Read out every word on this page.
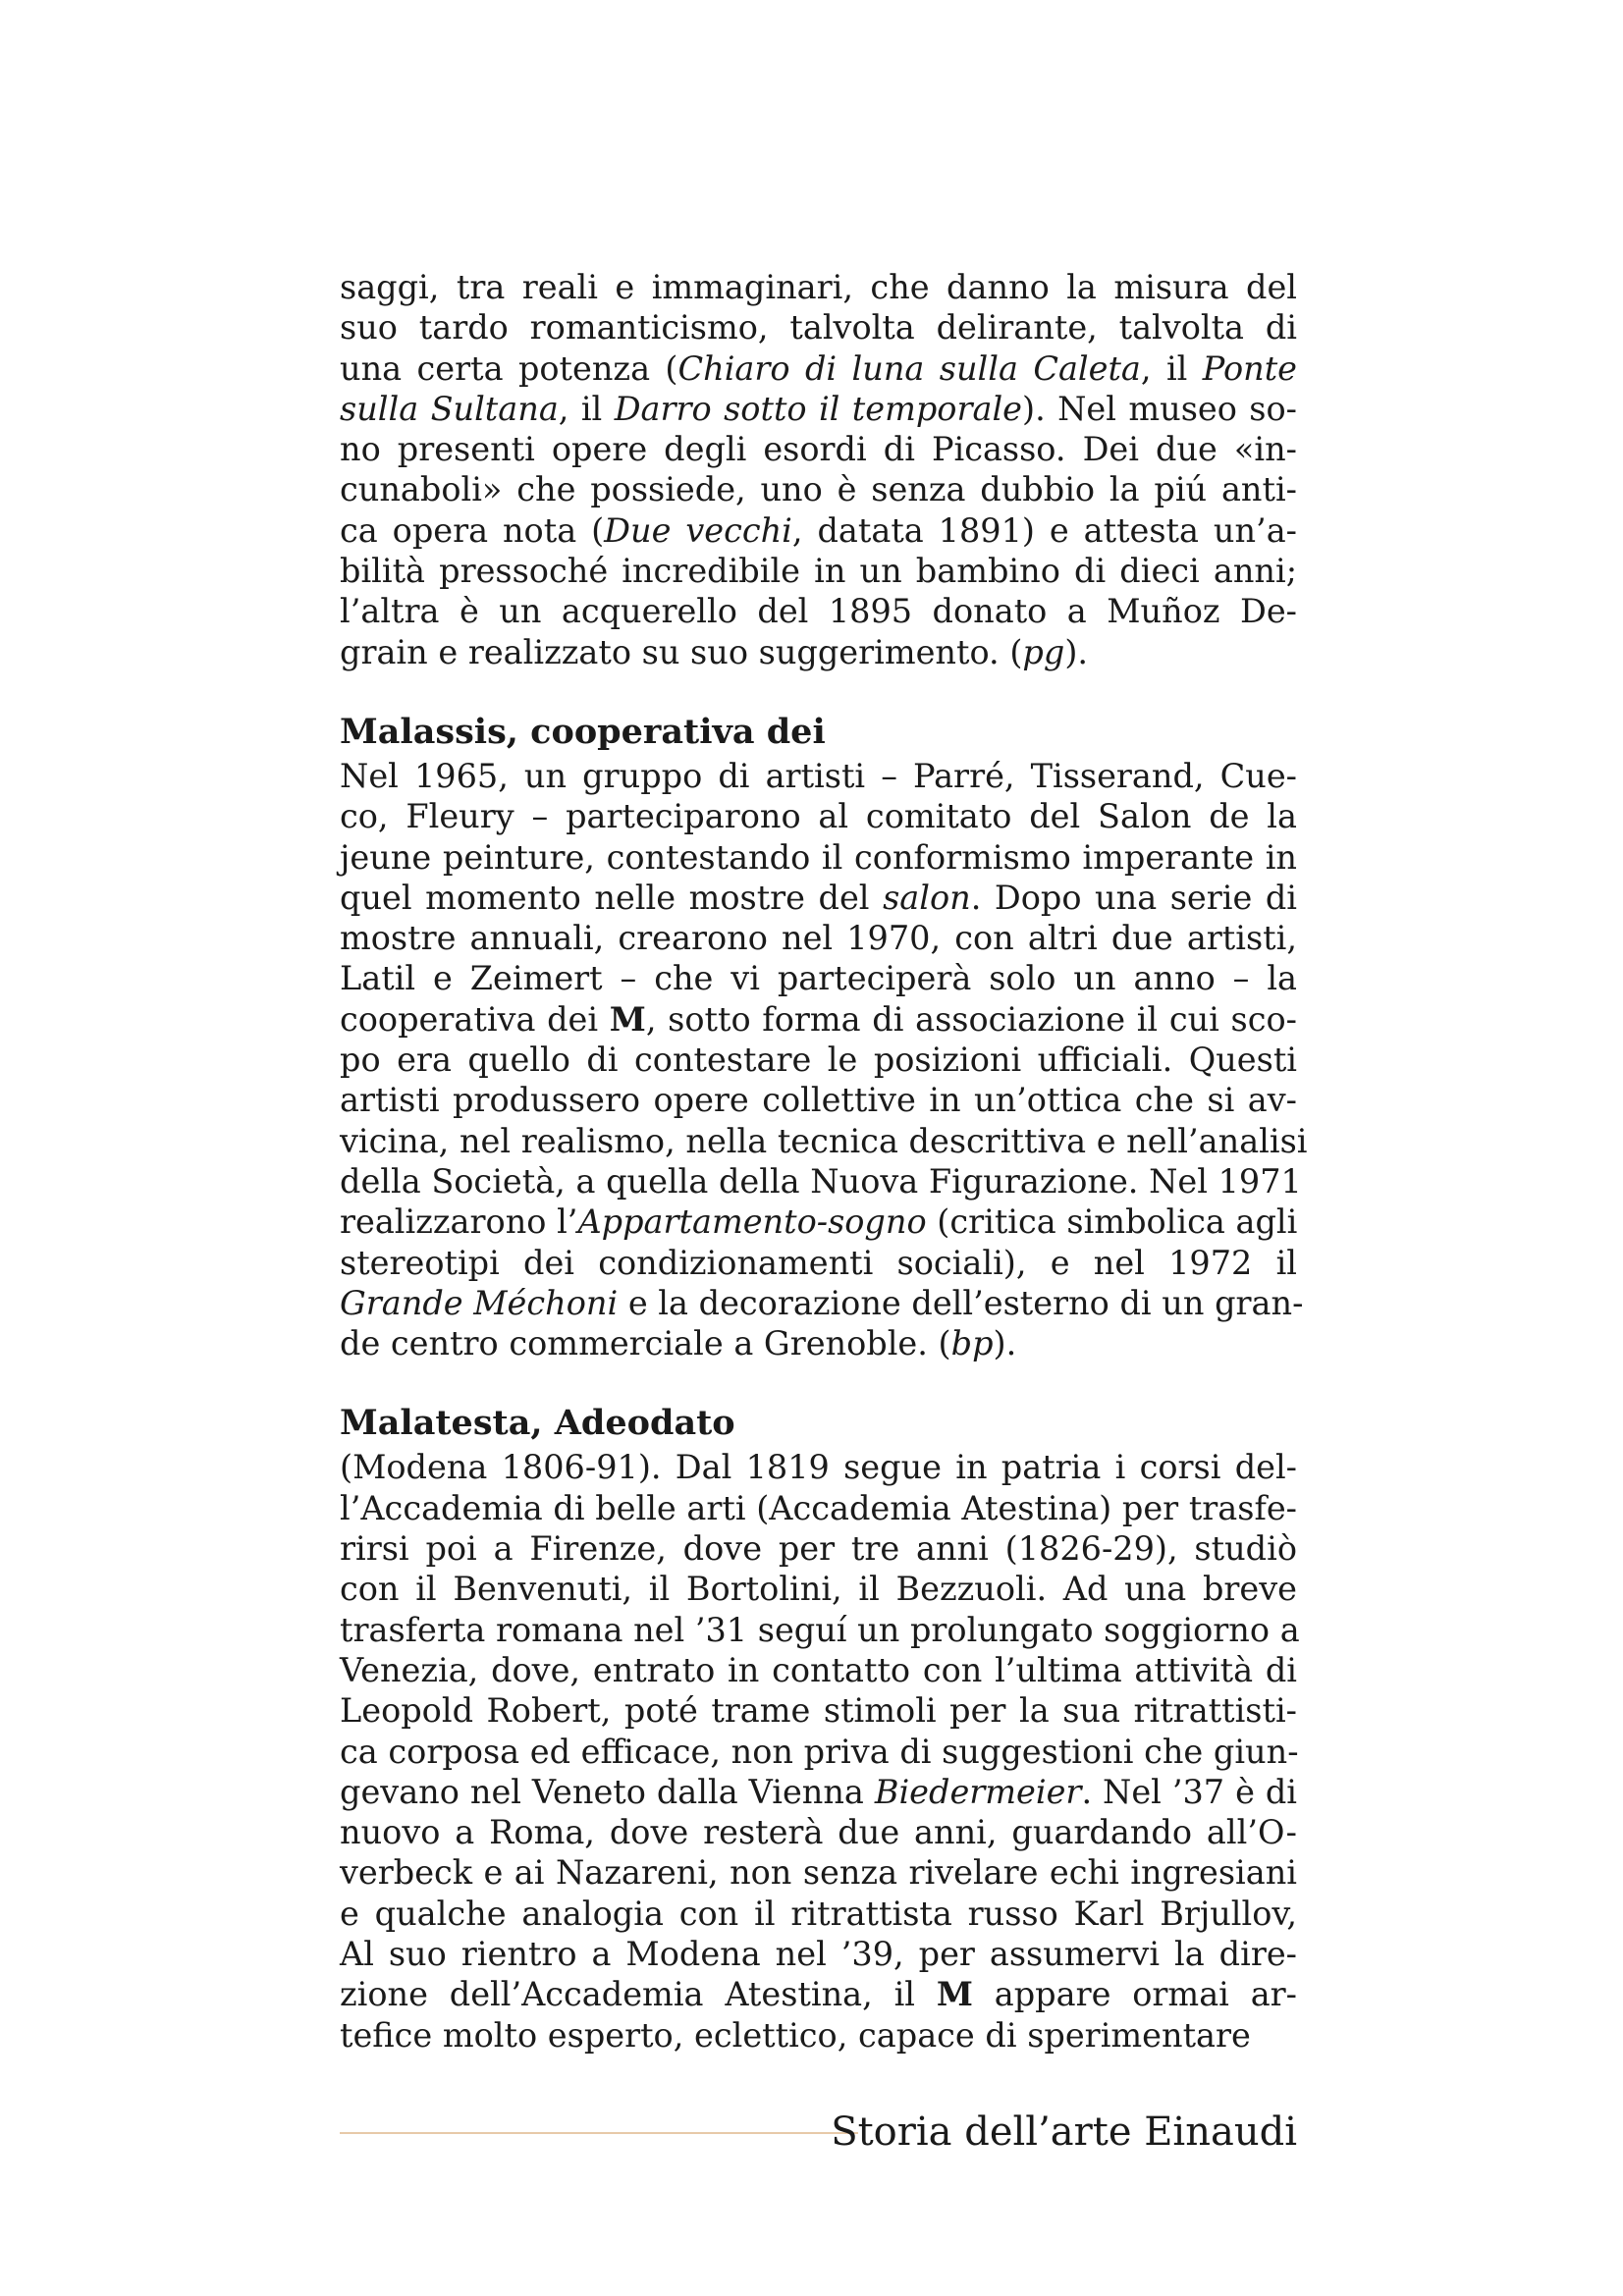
saggi, tra reali e immaginari, che danno la misura del
suo tardo romanticismo, talvolta delirante, talvolta di
una certa potenza (Chiaro di luna sulla Caleta, il Ponte
sulla Sultana, il Darro sotto il temporale). Nel museo so-
no presenti opere degli esordi di Picasso. Dei due «in-
cunaboli» che possiede, uno è senza dubbio la piú anti-
ca opera nota (Due vecchi, datata 1891) e attesta un’a-
bilità pressoché incredibile in un bambino di dieci anni;
l’altra è un acquerello del 1895 donato a Muñoz De-
grain e realizzato su suo suggerimento. (pg).
Malassis, cooperativa dei
Nel 1965, un gruppo di artisti – Parré, Tisserand, Cue-
co, Fleury – parteciparono al comitato del Salon de la
jeune peinture, contestando il conformismo imperante in
quel momento nelle mostre del salon. Dopo una serie di
mostre annuali, crearono nel 1970, con altri due artisti,
Latil e Zeimert – che vi parteciperà solo un anno – la
cooperativa dei M, sotto forma di associazione il cui sco-
po era quello di contestare le posizioni ufficiali. Questi
artisti produssero opere collettive in un’ottica che si av-
vicina, nel realismo, nella tecnica descrittiva e nell’analisi
della Società, a quella della Nuova Figurazione. Nel 1971
realizzarono l’Appartamento-sogno (critica simbolica agli
stereotipi dei condizionamenti sociali), e nel 1972 il
Grande Méchoni e la decorazione dell’esterno di un gran-
de centro commerciale a Grenoble. (bp).
Malatesta, Adeodato
(Modena 1806-91). Dal 1819 segue in patria i corsi del-
l’Accademia di belle arti (Accademia Atestina) per trasfe-
rirsi poi a Firenze, dove per tre anni (1826-29), studiò
con il Benvenuti, il Bortolini, il Bezzuoli. Ad una breve
trasferta romana nel ’31 seguí un prolungato soggiorno a
Venezia, dove, entrato in contatto con l’ultima attività di
Leopold Robert, poté trame stimoli per la sua ritrattisti-
ca corposa ed efficace, non priva di suggestioni che giun-
gevano nel Veneto dalla Vienna Biedermeier. Nel ’37 è di
nuovo a Roma, dove resterà due anni, guardando all’O-
verbeck e ai Nazareni, non senza rivelare echi ingresiani
e qualche analogia con il ritrattista russo Karl Brjullov,
Al suo rientro a Modena nel ’39, per assumervi la dire-
zione dell’Accademia Atestina, il M appare ormai ar-
tefice molto esperto, eclettico, capace di sperimentare
Storia dell’arte Einaudi
